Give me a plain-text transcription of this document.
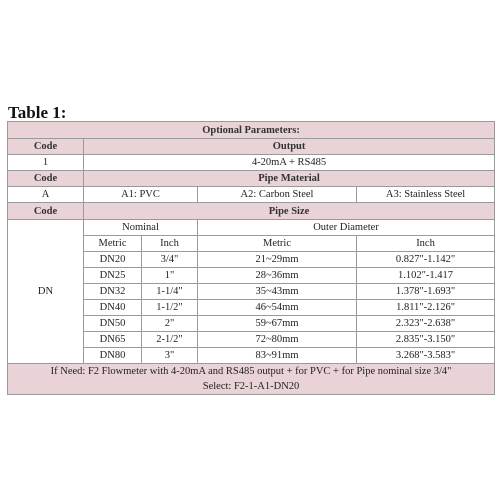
Table 1:
Optional Parameters:				
Code	Output			
1	4-20mA + RS485			
Code	Pipe Material			
A	A1: PVC		A2: Carbon Steel	A3: Stainless Steel
Code	Pipe Size			
DN	Nominal		Outer Diameter	
	Metric	Inch	Metric	Inch
	DN20	3/4"	21~29mm	0.827"-1.142"
	DN25	1"	28~36mm	1.102"-1.417
	DN32	1-1/4"	35~43mm	1.378"-1.693"
	DN40	1-1/2"	46~54mm	1.811"-2.126"
	DN50	2"	59~67mm	2.323"-2.638"
	DN65	2-1/2"	72~80mm	2.835"-3.150"
	DN80	3"	83~91mm	3.268"-3.583"

If Need: F2 Flowmeter with 4-20mA and RS485 output + for PVC + for Pipe nominal size 3/4"
Select: F2-1-A1-DN20				
